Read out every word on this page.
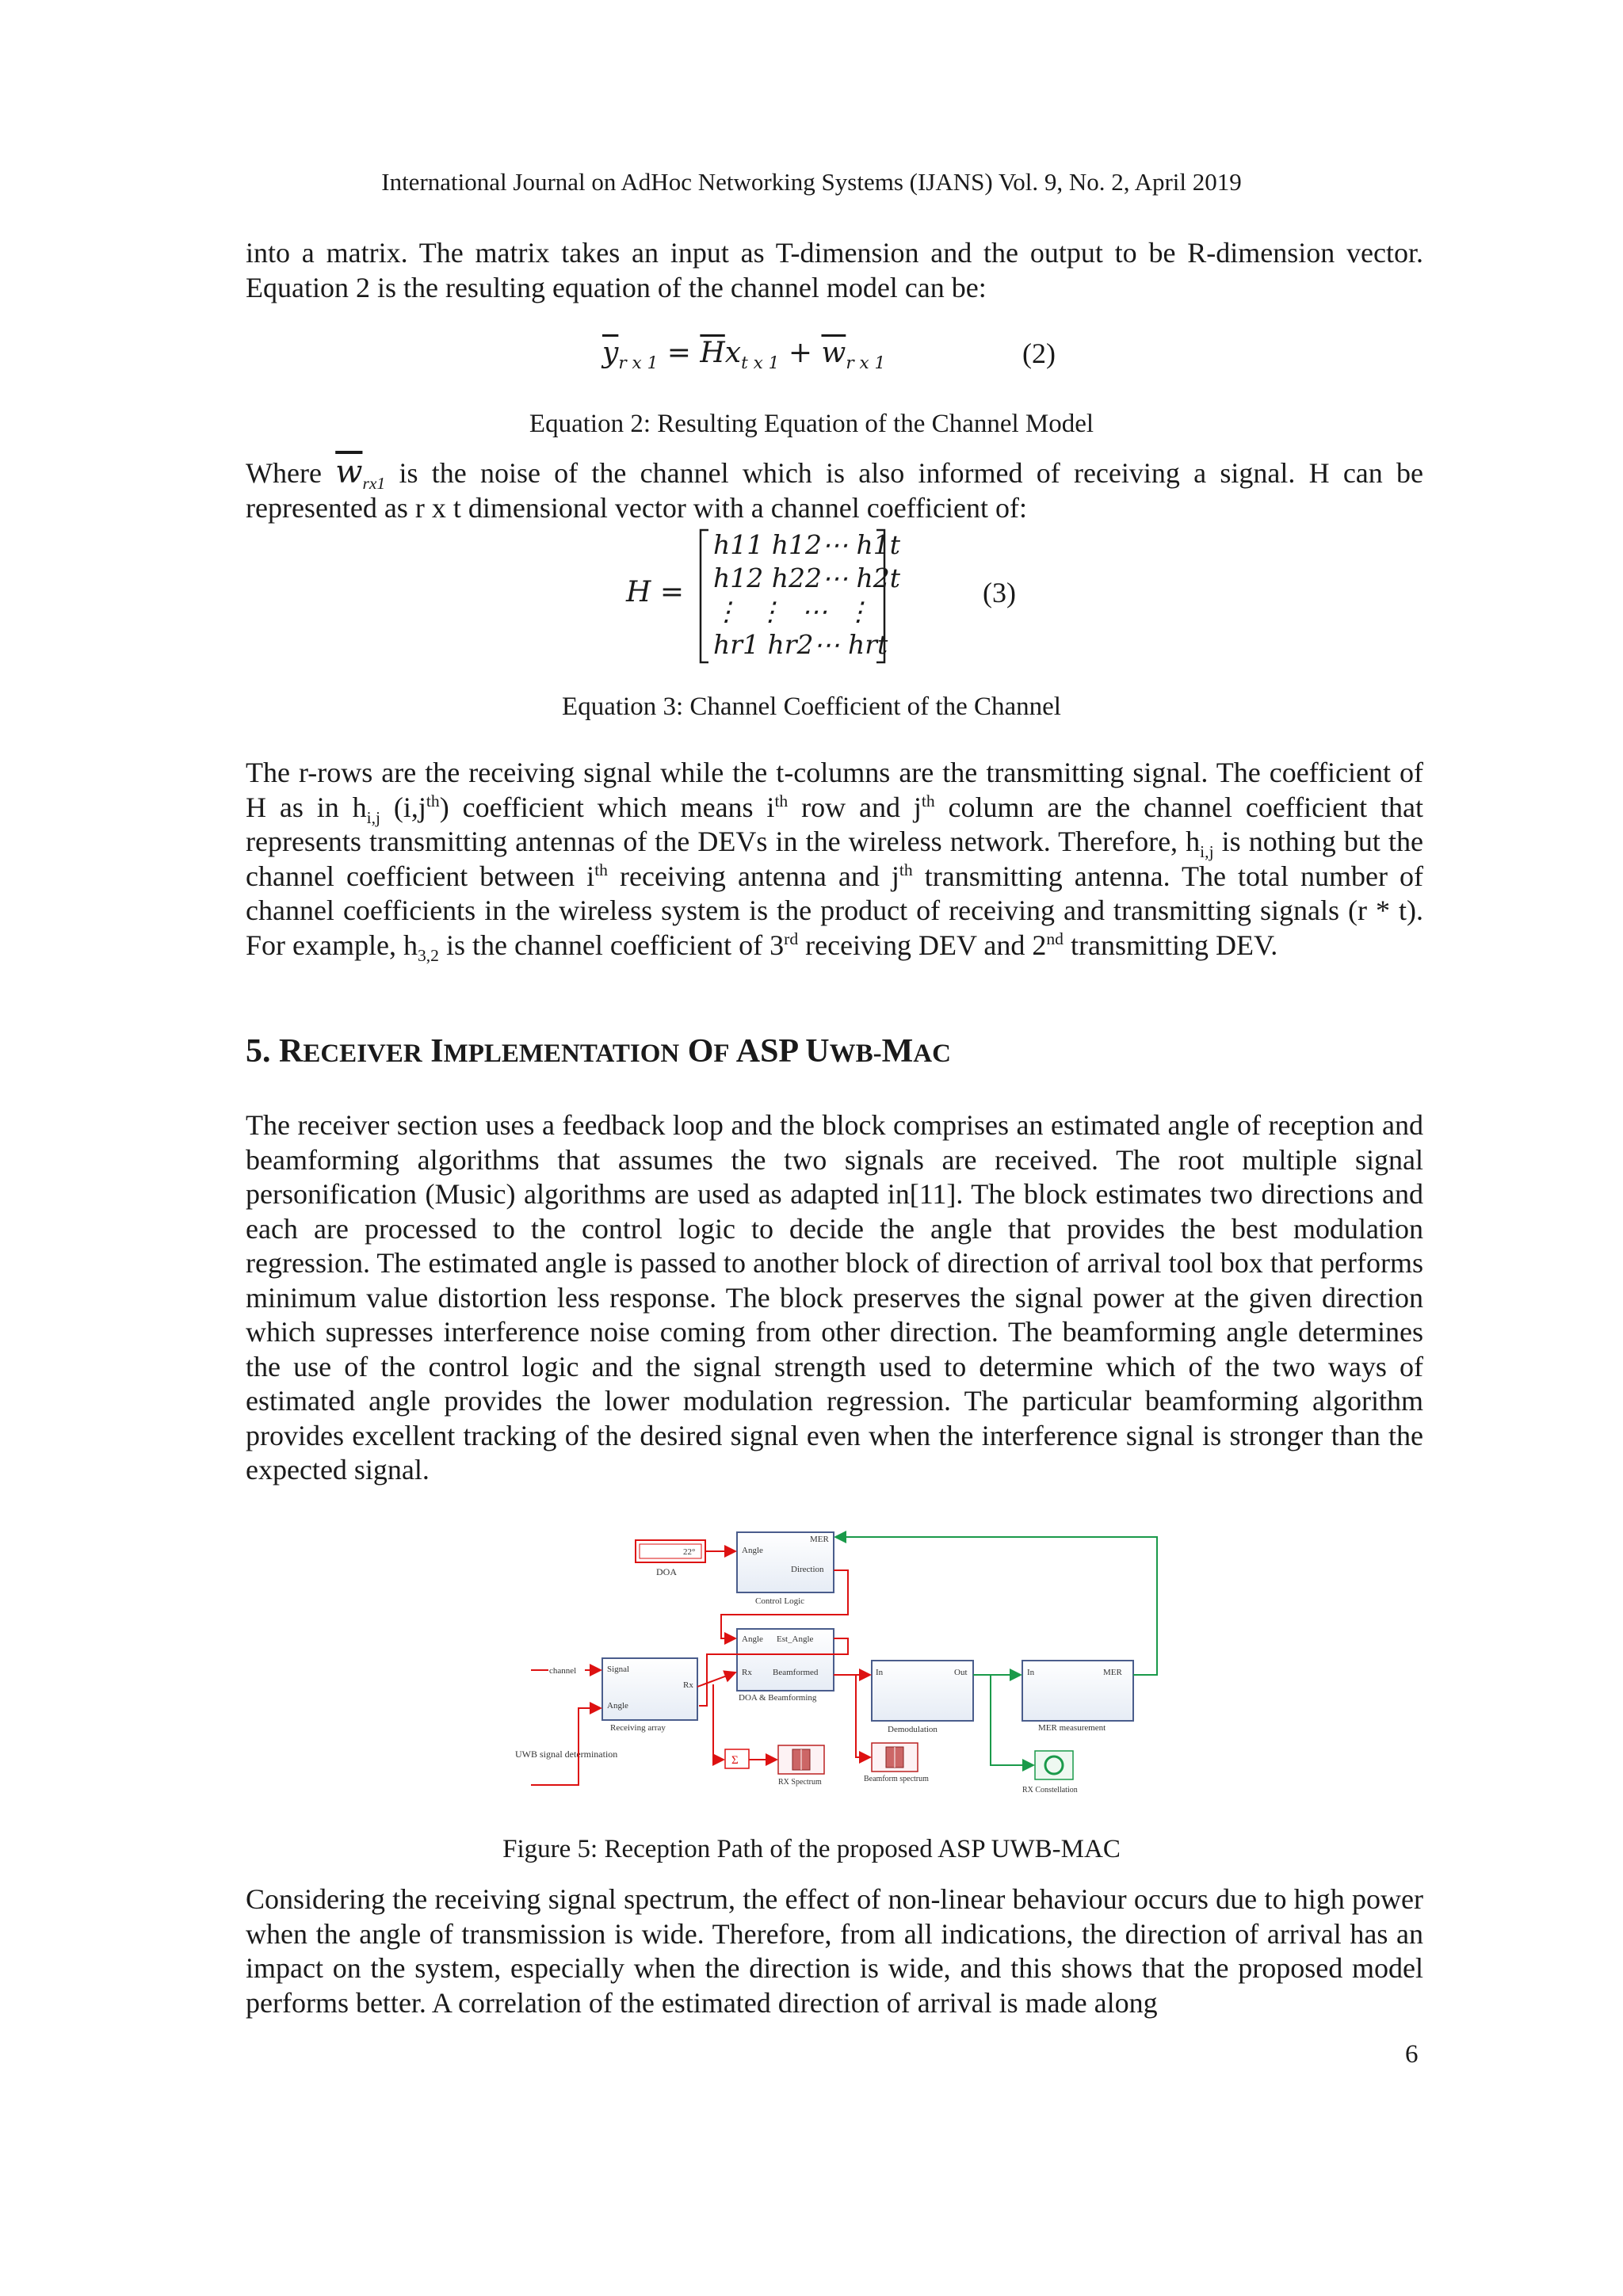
International Journal on AdHoc Networking Systems (IJANS) Vol. 9, No. 2, April 2019
into a matrix. The matrix takes an input as T-dimension and the output to be R-dimension vector. Equation 2 is the resulting equation of the channel model can be:
$\overline{y}_{r x 1} = \overline{H}x_{t x 1} + \overline{w}_{r x 1}$	(2)
Equation 2: Resulting Equation of the Channel Model
Where $\overline{w}_{rx1}$ is the noise of the channel which is also informed of receiving a signal. H can be represented as r x t dimensional vector with a channel coefficient of:
H =
h11 h12⋯ h1t
h12 h22⋯ h2t
⋮ ⋮ ⋯ ⋮
hr1 hr2⋯ hrt
(3)
Equation 3: Channel Coefficient of the Channel
The r-rows are the receiving signal while the t-columns are the transmitting signal. The coefficient of H as in $h_{i,j}$ $(i,j^{th})$ coefficient which means $i^{th}$ row and $j^{th}$ column are the channel coefficient that represents transmitting antennas of the DEVs in the wireless network. Therefore, $h_{i,j}$ is nothing but the channel coefficient between $i^{th}$ receiving antenna and $j^{th}$ transmitting antenna. The total number of channel coefficients in the wireless system is the product of receiving and transmitting signals (r * t). For example, $h_{3,2}$ is the channel coefficient of 3rd receiving DEV and 2nd transmitting DEV.
5. RECEIVER IMPLEMENTATION OF ASP UWB-MAC
The receiver section uses a feedback loop and the block comprises an estimated angle of reception and beamforming algorithms that assumes the two signals are received. The root multiple signal personification (Music) algorithms are used as adapted in[11]. The block estimates two directions and each are processed to the control logic to decide the angle that provides the best modulation regression. The estimated angle is passed to another block of direction of arrival tool box that performs minimum value distortion less response. The block preserves the signal power at the given direction which supresses interference noise coming from other direction. The beamforming angle determines the use of the control logic and the signal strength used to determine which of the two ways of estimated angle provides the lower modulation regression. The particular beamforming algorithm provides excellent tracking of the desired signal even when the interference signal is stronger than the expected signal.
22°
DOA
Angle
MER
Direction
Control Logic
Angle Est_Angle
Rx Beamformed
DOA & Beamforming
Signal
Angle
Rx
Receiving array
channel
UWB signal determination
In	Out
Demodulation
In	MER
MER measurement
Σ
RX Spectrum	Beamform spectrum
RX Constellation
Figure 5: Reception Path of the proposed ASP UWB-MAC
Considering the receiving signal spectrum, the effect of non-linear behaviour occurs due to high power when the angle of transmission is wide. Therefore, from all indications, the direction of arrival has an impact on the system, especially when the direction is wide, and this shows that the proposed model performs better. A correlation of the estimated direction of arrival is made along
6
